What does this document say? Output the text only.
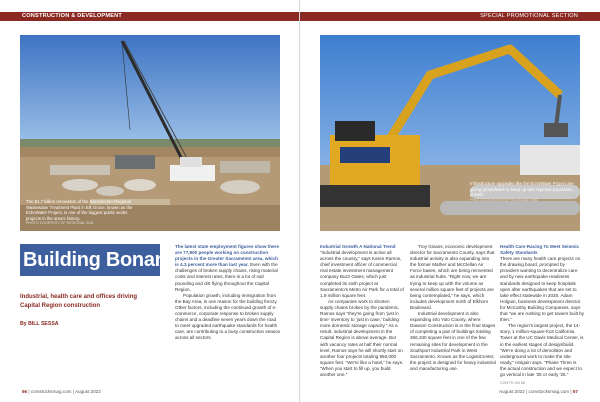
CONSTRUCTION & DEVELOPMENT
The $1.7 billion renovation of the Sacramento Regional Wastewater Treatment Plant in Elk Grove, known as the EchoWater Project, is one of the biggest public works projects in the area's history.
PHOTO COURTESY OF REGIONAL SAN
Building Bonanza
Industrial, health care and offices driving Capital Region construction
By BILL SESSA

The latest state employment figures show there are 77,900 people working on construction projects in the Greater Sacramento area, which is 4.3 percent more than last year. Even with the challenges of broken supply chains, rising material costs and interest rates, there is a lot of nail pounding and dirt flying throughout the Capital Region.

Population growth, including immigration from the Bay Area, is one reason for the building frenzy. Other factors, including the continued growth of e-commerce, corporate response to broken supply chains and a deadline seven years down the road to meet upgraded earthquake standards for health care, are contributing to a busy construction season across all sectors.

66 | comstocksmag.com | August 2022
SPECIAL PROMOTIONAL SECTION
Infrastructure upgrades like the EchoWater Project are giving groundwork to keep up with regional population growth.
PHOTO COURTESY OF REGIONAL SAN
Industrial Growth A National Trend

“Industrial development is active all across the country,” says Karen Ramos, chief investment officer of commercial real estate investment management company Buzz Oates, which just completed its sixth project at Sacramento's Metro Air Park for a total of 1.9 million square feet.

As companies work to shorten supply chains broken by the pandemic, Ramos says “they're going from 'just in time' inventory to 'just in case,' building more domestic storage capacity.” As a result, industrial development in the Capital Region is above average. But with vacancy rates at half their normal level, Ramos says he will shortly start on another four projects totaling 950,000 square feet. “We're like a hotel,” he says. “When you start to fill up, you build another one.”

Troy Givans, economic development director for Sacramento County, says that industrial activity is also expanding into the former Mather and McClellan Air Force bases, which are being reinvented as industrial hubs. “Right now, we are trying to keep up with the volume as several million square feet of projects are being contemplated,” he says, which includes development north of Elkhorn Boulevard.

Industrial development is also expanding into Yolo County, where Dawson Construction is in the final stages of completing a pair of buildings totaling 366,340 square feet in one of the few remaining sites for development in the Southport Industrial Park in West Sacramento. Known as the LogistiCenter, the project is designed for heavy industrial and manufacturing use.

Health Care Racing To Meet Seismic Safety Standards

There are many health care projects on the drawing board, prompted by providers wanting to decentralize care and by new earthquake-readiness standards designed to keep hospitals open after earthquakes that are set to take effect statewide in 2030. Adam Holguin, business development director for McCarthy Building Companies, says that “we are rushing to get towers built by then.”

The region's largest project, the 14-story, 1 million-square-foot California Tower at the UC Davis Medical Center, is in the earliest stages of design/build. “We're doing a lot of demolition and underground work to make the site ready,” Holguin says. “Phase Three is the actual construction and we expect to go vertical in late '25 or early '26.”

CONT'D ON 68

August 2022 | comstocksmag.com | 67
